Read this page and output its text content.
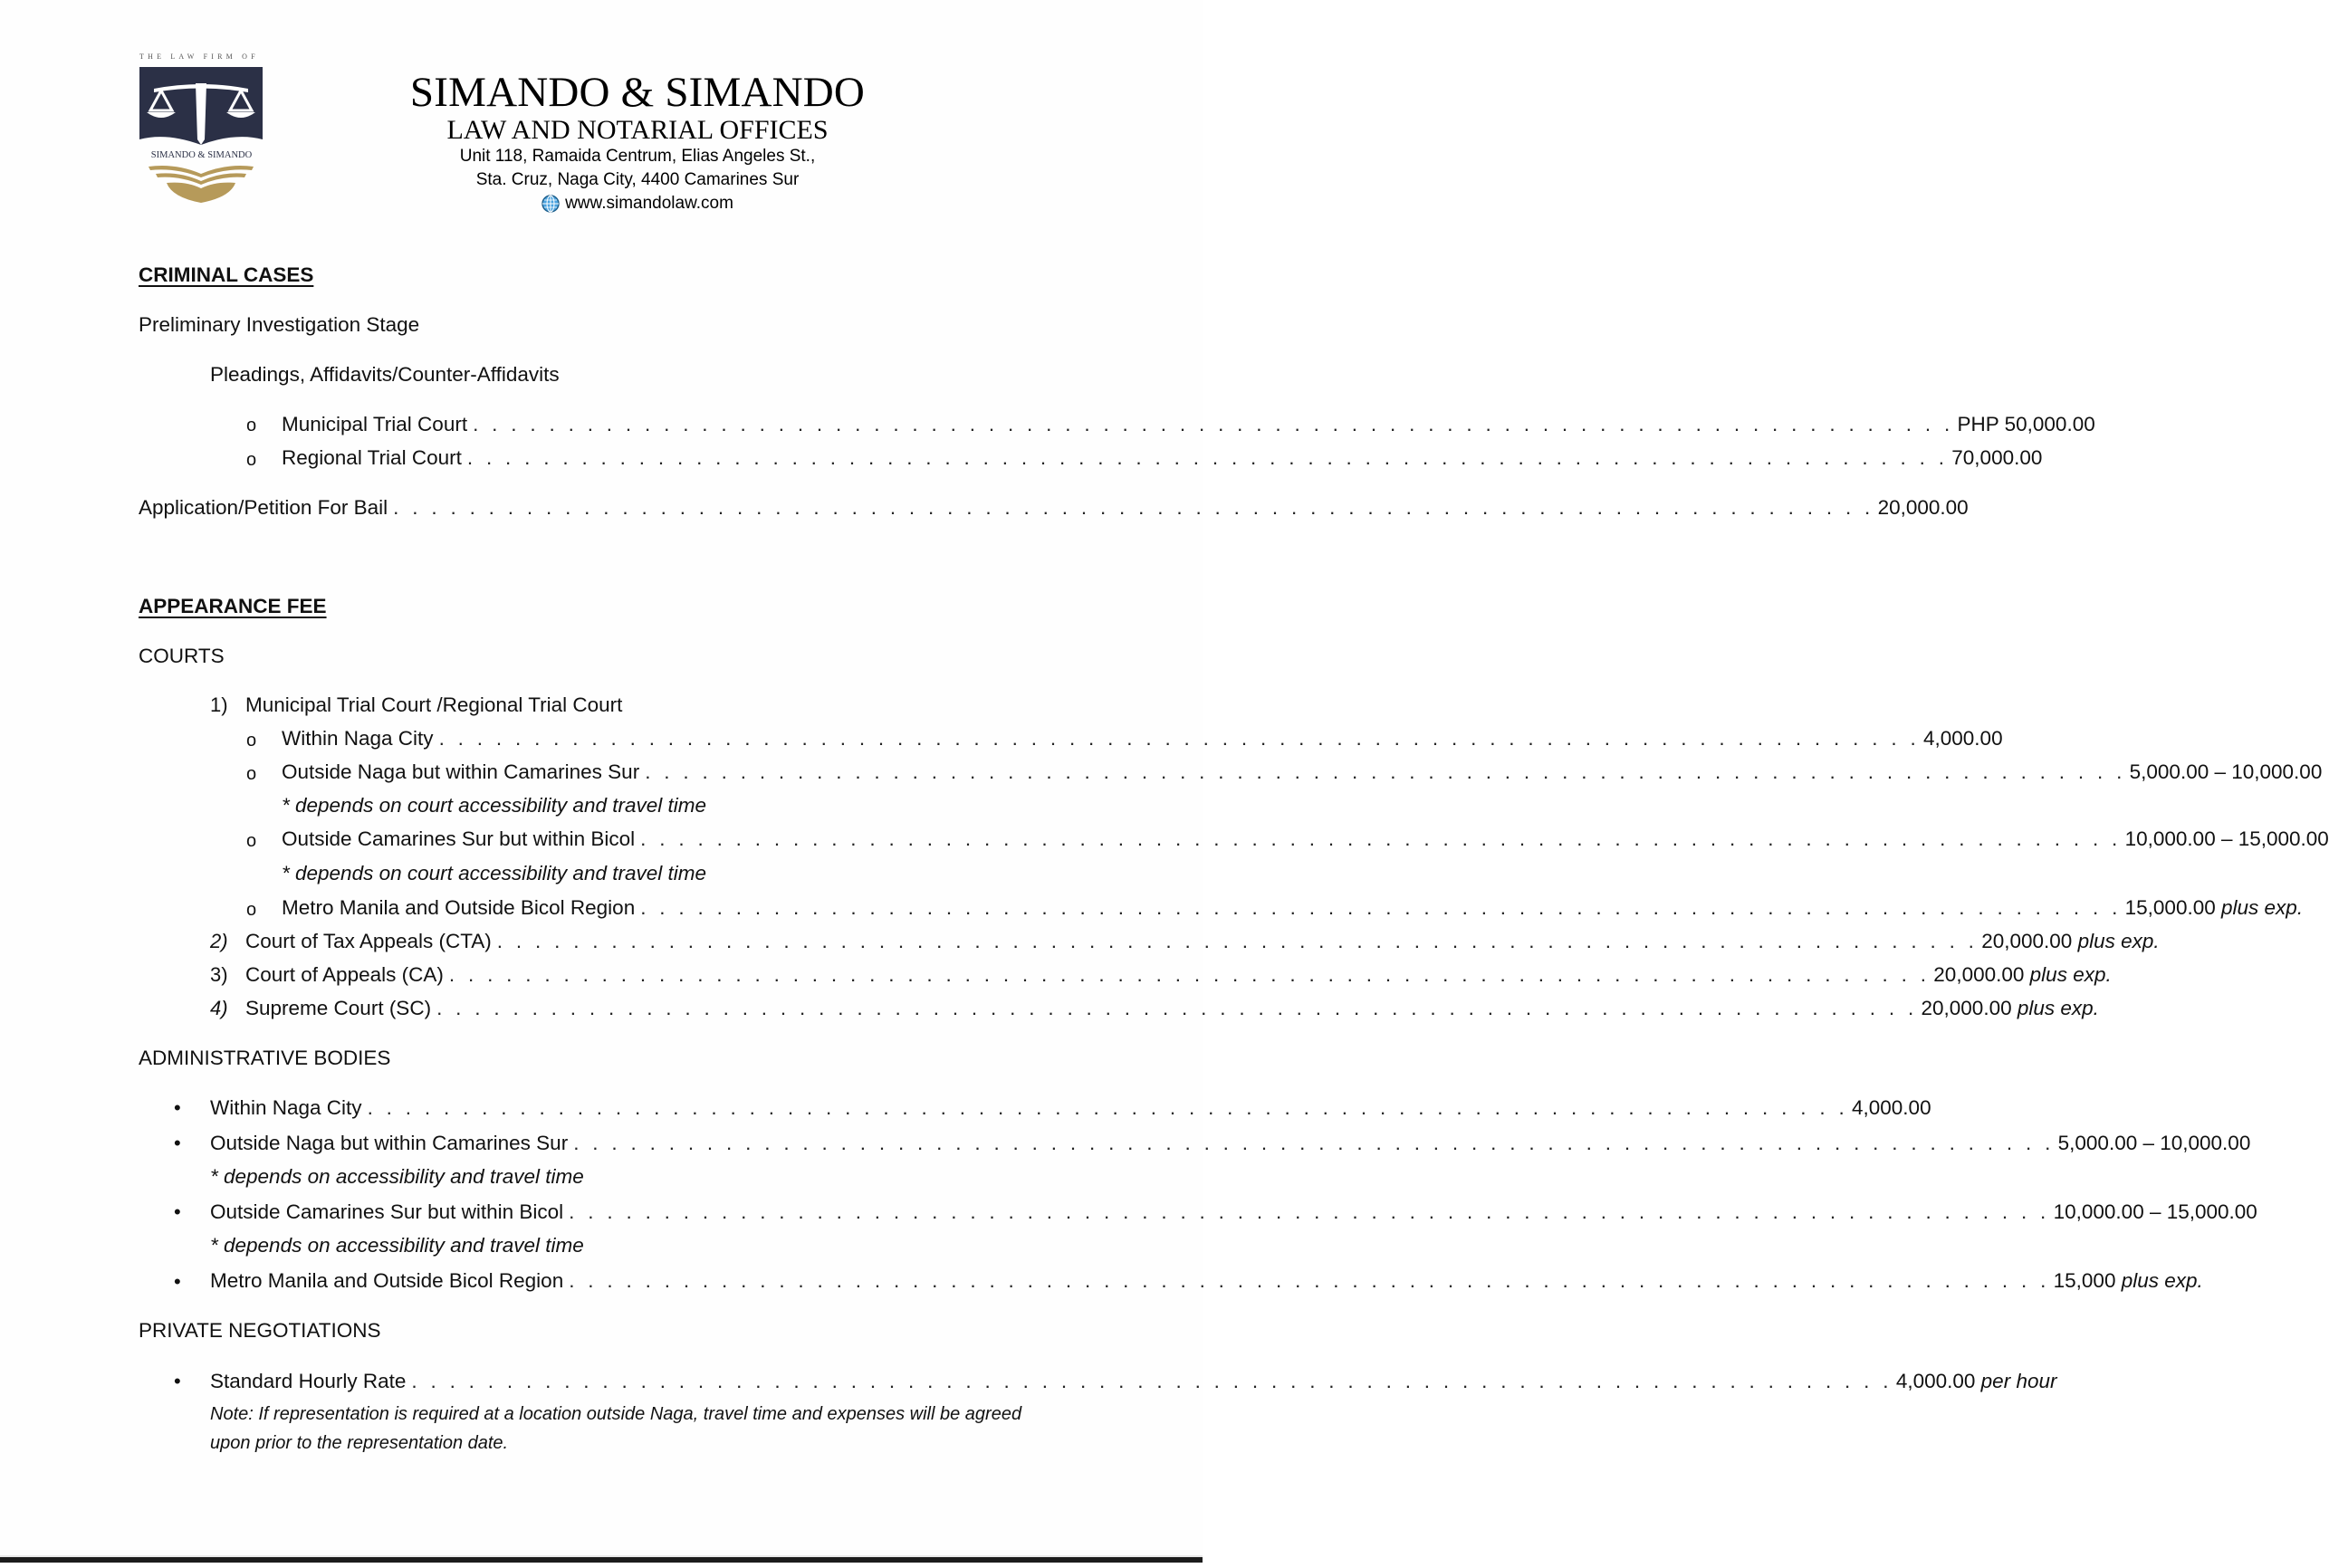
THE LAW FIRM OF
SIMANDO & SIMANDO
SIMANDO & SIMANDO
LAW AND NOTARIAL OFFICES
Unit 118, Ramaida Centrum, Elias Angeles St.,
Sta. Cruz, Naga City, 4400 Camarines Sur
www.simandolaw.com
CRIMINAL CASES
Preliminary Investigation Stage
Pleadings, Affidavits/Counter-Affidavits
o Municipal Trial Court . . . . . . . . . . . . . . . . . . . . . . . . . . . . . . . . . . . . . . . . . . . . . . . . . . . . . . . . . . . . . . . . . . . . . . . . . . . . . . PHP 50,000.00
o Regional Trial Court . . . . . . . . . . . . . . . . . . . . . . . . . . . . . . . . . . . . . . . . . . . . . . . . . . . . . . . . . . . . . . . . . . . . . . . . . . . . . . 70,000.00
Application/Petition For Bail . . . . . . . . . . . . . . . . . . . . . . . . . . . . . . . . . . . . . . . . . . . . . . . . . . . . . . . . . . . . . . . . . . . . . . . . . . . . . . 20,000.00
APPEARANCE FEE
COURTS
1) Municipal Trial Court /Regional Trial Court
o Within Naga City . . . . . . . . . . . . . . . . . . . . . . . . . . . . . . . . . . . . . . . . . . . . . . . . . . . . . . . . . . . . . . . . . . . . . . . . . . . . . . 4,000.00
o Outside Naga but within Camarines Sur . . . . . . . . . . . . . . . . . . . . . . . . . . . . . . . . . . . . . . . . . . . . . . . . . . . . . . . . . . . . . . . . . . . . . . . . . . . . . . 5,000.00 – 10,000.00
* depends on court accessibility and travel time
o Outside Camarines Sur but within Bicol . . . . . . . . . . . . . . . . . . . . . . . . . . . . . . . . . . . . . . . . . . . . . . . . . . . . . . . . . . . . . . . . . . . . . . . . . . . . . . 10,000.00 – 15,000.00
* depends on court accessibility and travel time
o Metro Manila and Outside Bicol Region . . . . . . . . . . . . . . . . . . . . . . . . . . . . . . . . . . . . . . . . . . . . . . . . . . . . . . . . . . . . . . . . . . . . . . . . . . . . . . 15,000.00 plus exp.
2) Court of Tax Appeals (CTA) . . . . . . . . . . . . . . . . . . . . . . . . . . . . . . . . . . . . . . . . . . . . . . . . . . . . . . . . . . . . . . . . . . . . . . . . . . . . . . 20,000.00 plus exp.
3) Court of Appeals (CA) . . . . . . . . . . . . . . . . . . . . . . . . . . . . . . . . . . . . . . . . . . . . . . . . . . . . . . . . . . . . . . . . . . . . . . . . . . . . . . 20,000.00 plus exp.
4) Supreme Court (SC) . . . . . . . . . . . . . . . . . . . . . . . . . . . . . . . . . . . . . . . . . . . . . . . . . . . . . . . . . . . . . . . . . . . . . . . . . . . . . . 20,000.00 plus exp.
ADMINISTRATIVE BODIES
• Within Naga City . . . . . . . . . . . . . . . . . . . . . . . . . . . . . . . . . . . . . . . . . . . . . . . . . . . . . . . . . . . . . . . . . . . . . . . . . . . . . . 4,000.00
• Outside Naga but within Camarines Sur . . . . . . . . . . . . . . . . . . . . . . . . . . . . . . . . . . . . . . . . . . . . . . . . . . . . . . . . . . . . . . . . . . . . . . . . . . . . . . 5,000.00 – 10,000.00
* depends on accessibility and travel time
• Outside Camarines Sur but within Bicol . . . . . . . . . . . . . . . . . . . . . . . . . . . . . . . . . . . . . . . . . . . . . . . . . . . . . . . . . . . . . . . . . . . . . . . . . . . . . . 10,000.00 – 15,000.00
* depends on accessibility and travel time
• Metro Manila and Outside Bicol Region . . . . . . . . . . . . . . . . . . . . . . . . . . . . . . . . . . . . . . . . . . . . . . . . . . . . . . . . . . . . . . . . . . . . . . . . . . . . . . 15,000 plus exp.
PRIVATE NEGOTIATIONS
• Standard Hourly Rate . . . . . . . . . . . . . . . . . . . . . . . . . . . . . . . . . . . . . . . . . . . . . . . . . . . . . . . . . . . . . . . . . . . . . . . . . . . . . . 4,000.00 per hour
Note: If representation is required at a location outside Naga, travel time and expenses will be agreed upon prior to the representation date.
